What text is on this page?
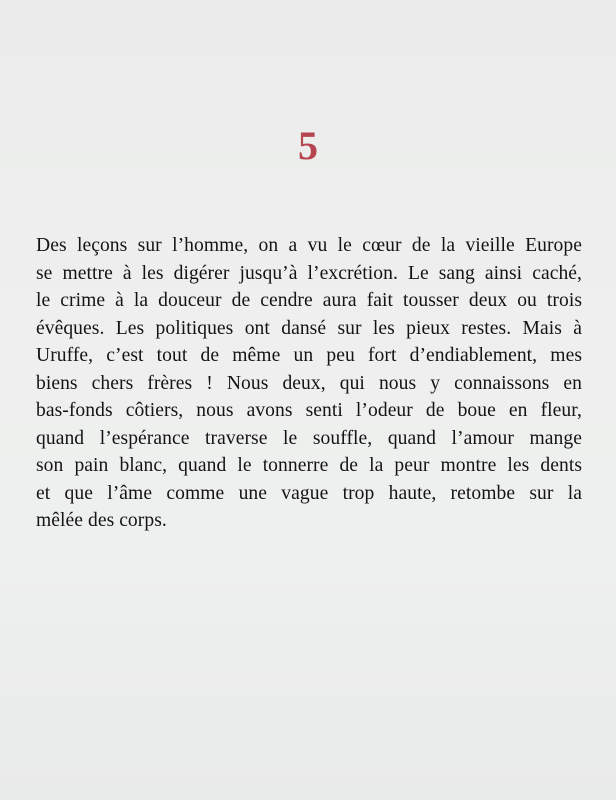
5
Des leçons sur l’homme, on a vu le cœur de la vieille Europe
se mettre à les digérer jusqu’à l’excrétion. Le sang ainsi caché,
le crime à la douceur de cendre aura fait tousser deux ou trois
évêques. Les politiques ont dansé sur les pieux restes. Mais à
Uruffe, c’est tout de même un peu fort d’endiablement, mes
biens chers frères ! Nous deux, qui nous y connaissons en
bas-fonds côtiers, nous avons senti l’odeur de boue en fleur,
quand l’espérance traverse le souffle, quand l’amour mange
son pain blanc, quand le tonnerre de la peur montre les dents
et que l’âme comme une vague trop haute, retombe sur la
mêlée des corps.
